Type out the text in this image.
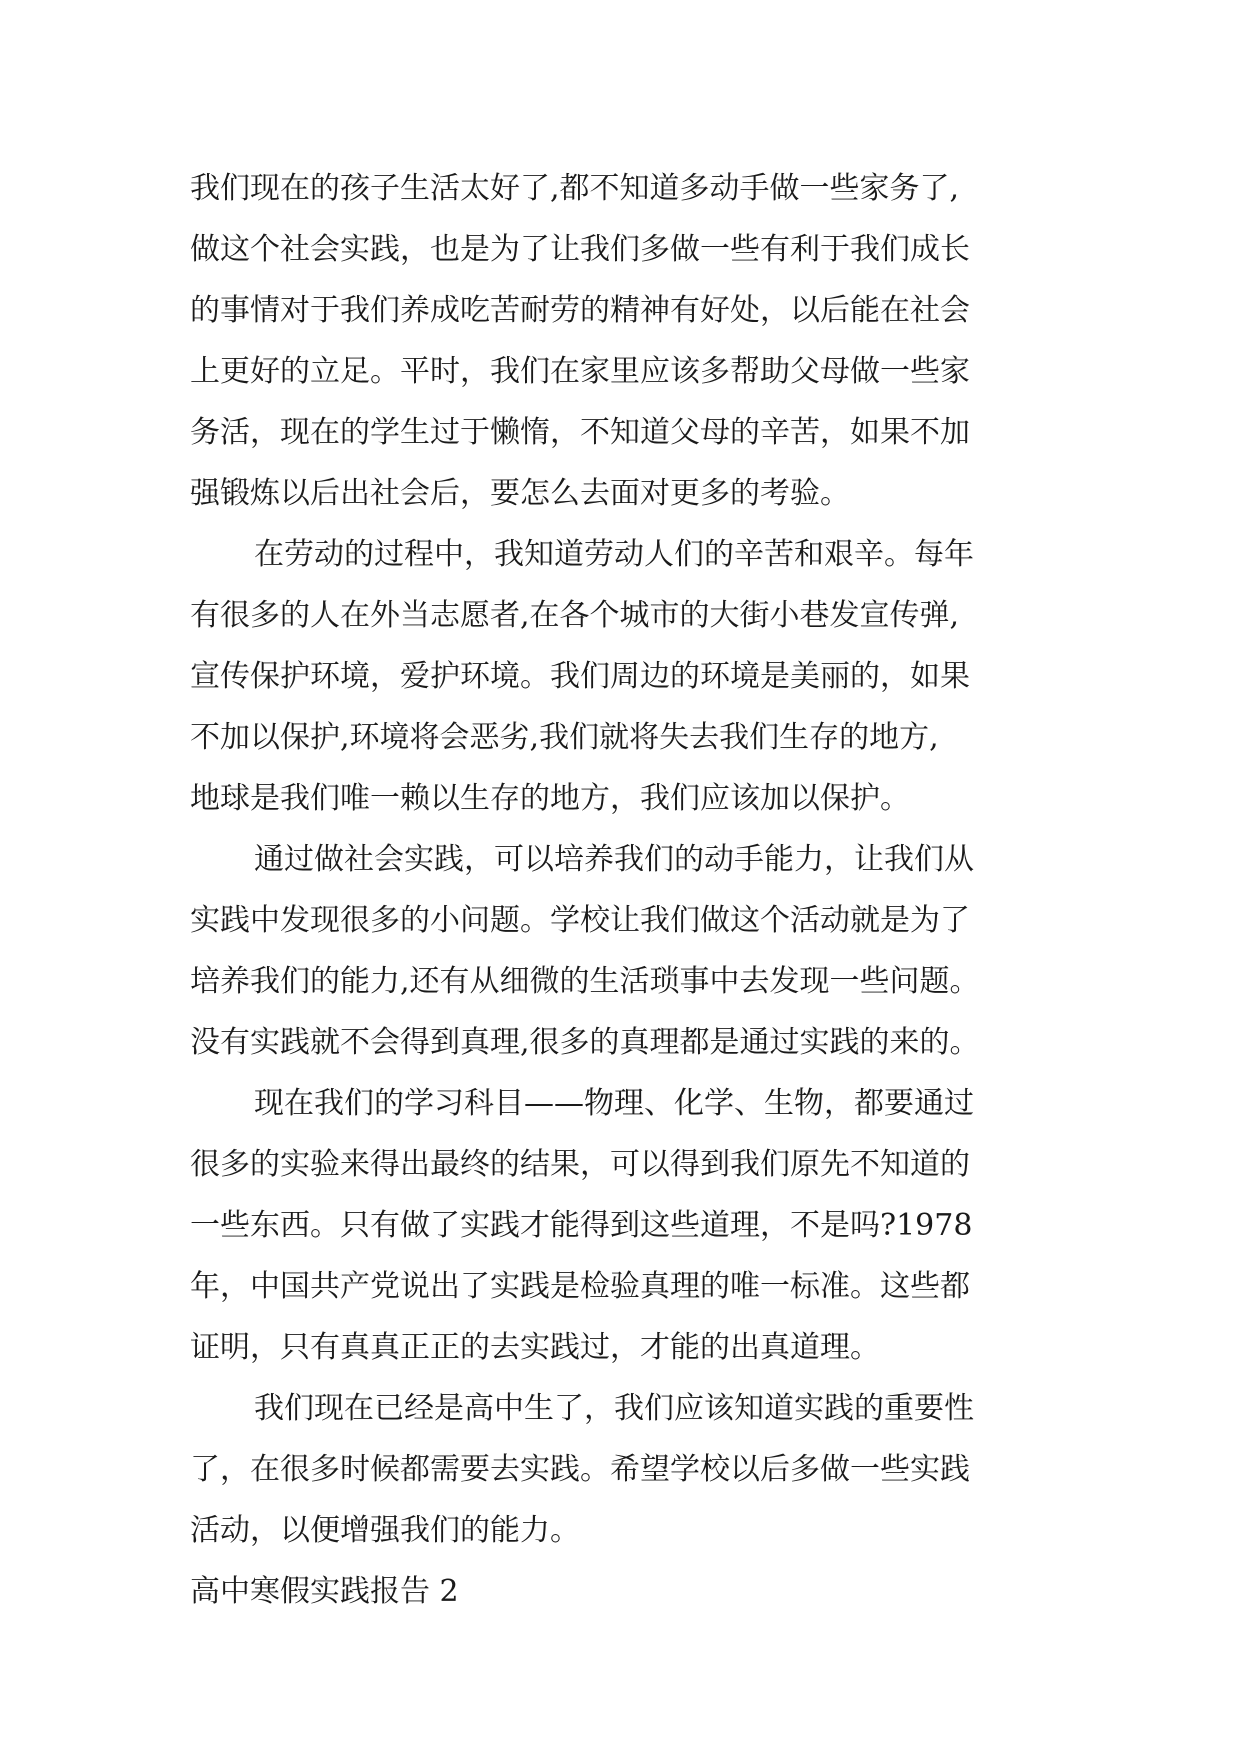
我们现在的孩子生活太好了,都不知道多动手做一些家务了,
做这个社会实践，也是为了让我们多做一些有利于我们成长
的事情对于我们养成吃苦耐劳的精神有好处，以后能在社会
上更好的立足。平时，我们在家里应该多帮助父母做一些家
务活，现在的学生过于懒惰，不知道父母的辛苦，如果不加
强锻炼以后出社会后，要怎么去面对更多的考验。
在劳动的过程中，我知道劳动人们的辛苦和艰辛。每年
有很多的人在外当志愿者,在各个城市的大街小巷发宣传弹,
宣传保护环境，爱护环境。我们周边的环境是美丽的，如果
不加以保护,环境将会恶劣,我们就将失去我们生存的地方,
地球是我们唯一赖以生存的地方，我们应该加以保护。
通过做社会实践，可以培养我们的动手能力，让我们从
实践中发现很多的小问题。学校让我们做这个活动就是为了
培养我们的能力,还有从细微的生活琐事中去发现一些问题。
没有实践就不会得到真理,很多的真理都是通过实践的来的。
现在我们的学习科目——物理、化学、生物，都要通过
很多的实验来得出最终的结果，可以得到我们原先不知道的
一些东西。只有做了实践才能得到这些道理，不是吗?1978
年，中国共产党说出了实践是检验真理的唯一标准。这些都
证明，只有真真正正的去实践过，才能的出真道理。
我们现在已经是高中生了，我们应该知道实践的重要性
了，在很多时候都需要去实践。希望学校以后多做一些实践
活动，以便增强我们的能力。
高中寒假实践报告 2
